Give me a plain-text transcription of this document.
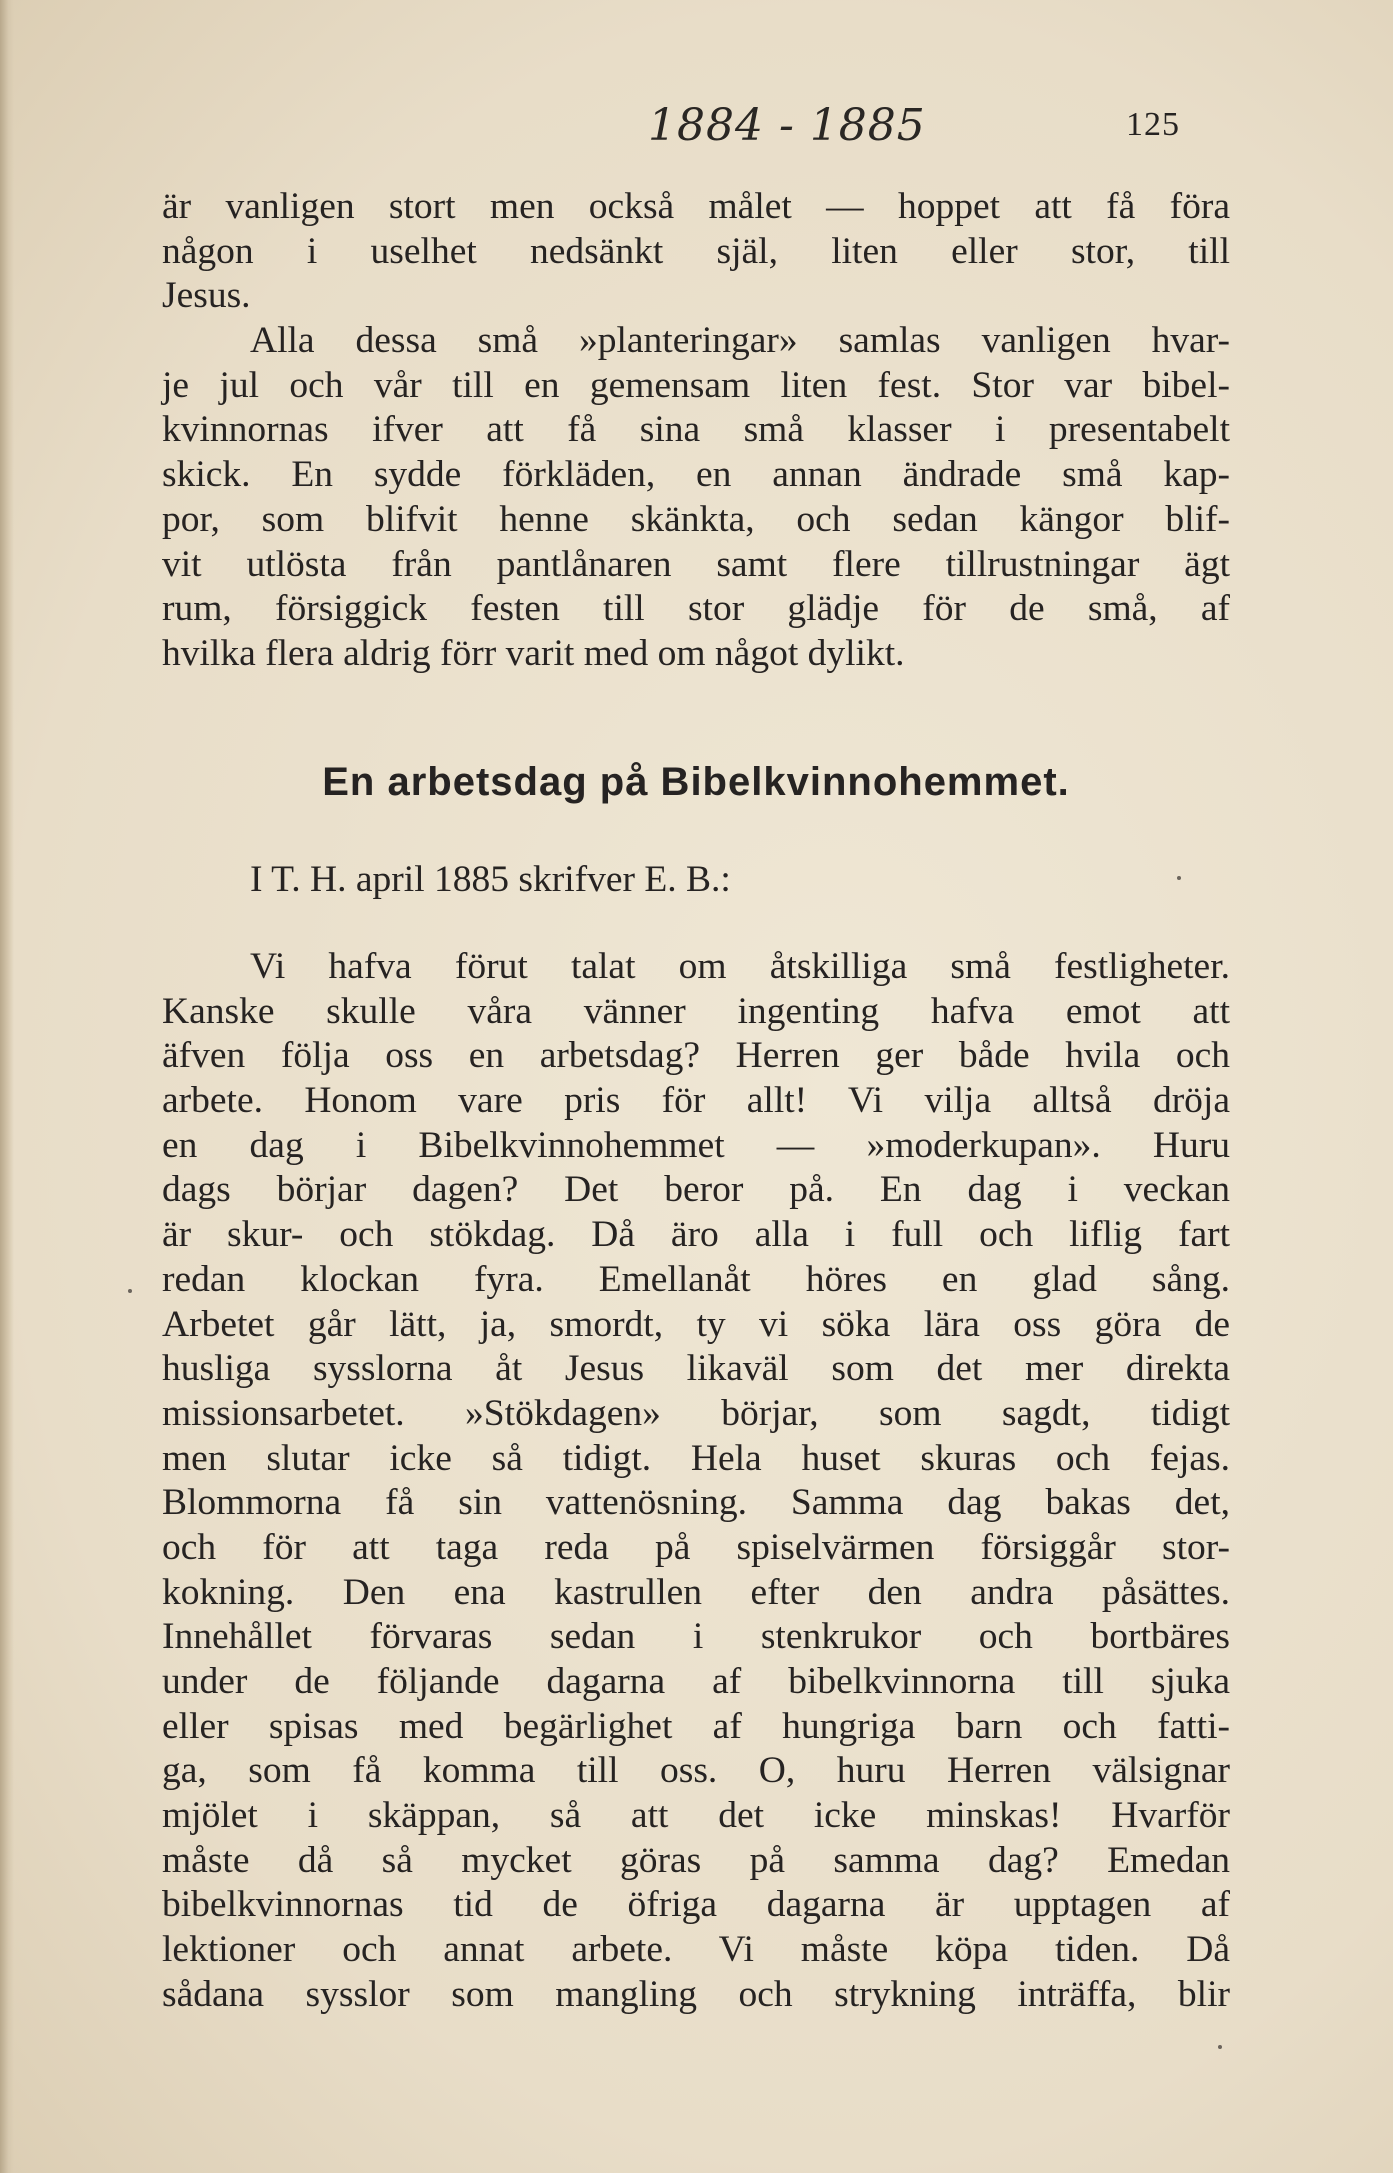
1884 - 1885	125
är vanligen stort men också målet — hoppet att få föra
någon i uselhet nedsänkt själ, liten eller stor, till
Jesus.
Alla dessa små »planteringar» samlas vanligen hvar-
je jul och vår till en gemensam liten fest. Stor var bibel-
kvinnornas ifver att få sina små klasser i presentabelt
skick. En sydde förkläden, en annan ändrade små kap-
por, som blifvit henne skänkta, och sedan kängor blif-
vit utlösta från pantlånaren samt flere tillrustningar ägt
rum, försiggick festen till stor glädje för de små, af
hvilka flera aldrig förr varit med om något dylikt.
En arbetsdag på Bibelkvinnohemmet.
I T. H. april 1885 skrifver E. B.:
Vi hafva förut talat om åtskilliga små festligheter.
Kanske skulle våra vänner ingenting hafva emot att
äfven följa oss en arbetsdag? Herren ger både hvila och
arbete. Honom vare pris för allt! Vi vilja alltså dröja
en dag i Bibelkvinnohemmet — »moderkupan». Huru
dags börjar dagen? Det beror på. En dag i veckan
är skur- och stökdag. Då äro alla i full och liflig fart
redan klockan fyra. Emellanåt höres en glad sång.
Arbetet går lätt, ja, smordt, ty vi söka lära oss göra de
husliga sysslorna åt Jesus likaväl som det mer direkta
missionsarbetet. »Stökdagen» börjar, som sagdt, tidigt
men slutar icke så tidigt. Hela huset skuras och fejas.
Blommorna få sin vattenösning. Samma dag bakas det,
och för att taga reda på spiselvärmen försiggår stor-
kokning. Den ena kastrullen efter den andra påsättes.
Innehållet förvaras sedan i stenkrukor och bortbäres
under de följande dagarna af bibelkvinnorna till sjuka
eller spisas med begärlighet af hungriga barn och fatti-
ga, som få komma till oss. O, huru Herren välsignar
mjölet i skäppan, så att det icke minskas! Hvarför
måste då så mycket göras på samma dag? Emedan
bibelkvinnornas tid de öfriga dagarna är upptagen af
lektioner och annat arbete. Vi måste köpa tiden. Då
sådana sysslor som mangling och strykning inträffa, blir
